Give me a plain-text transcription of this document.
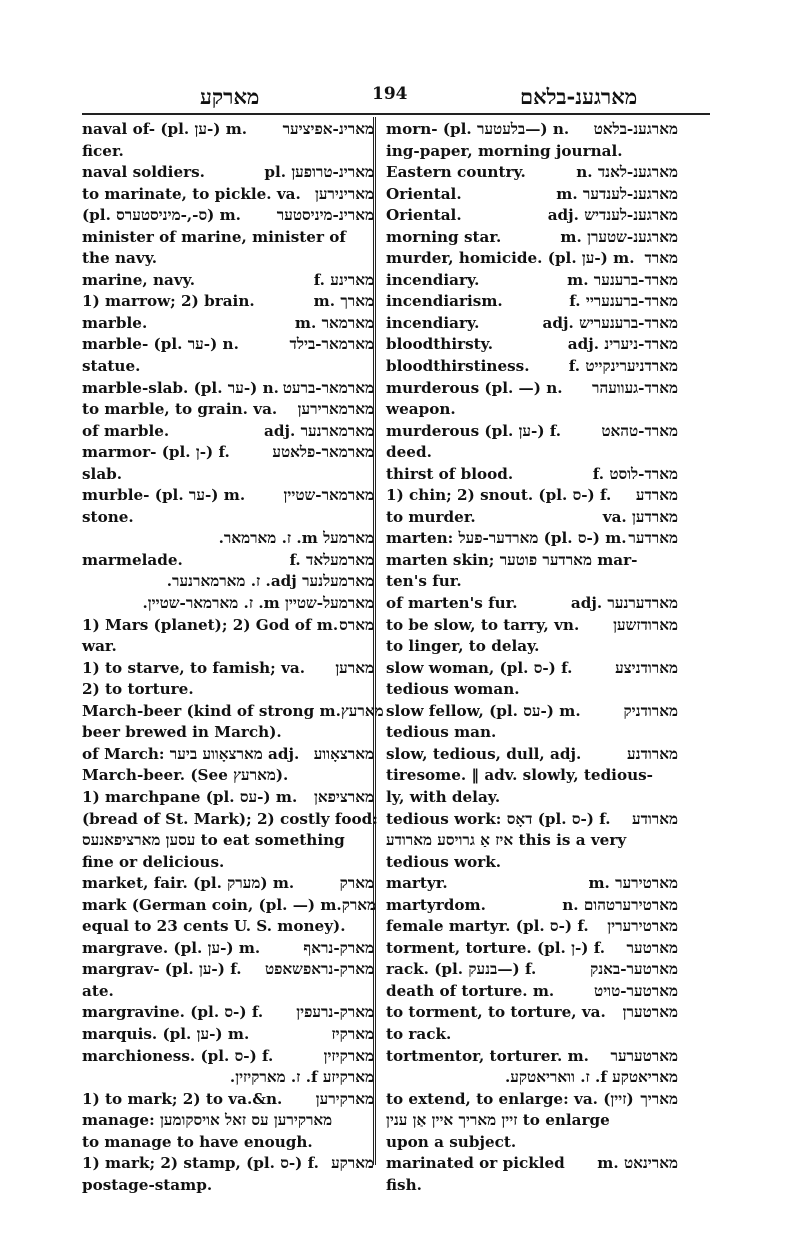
מארקע	194	מארגענ-בלאם
naval of- (pl. ען-) m. מארינ-אפיציער
ficer.
naval soldiers.	pl. מארינ-טרופען
to marinate, to pickle. va. מארינירען
(pl. ס-,-מיניסטערס) m. מארינ-מיניסטער
minister of marine, minister of
the navy.
marine, navy.	f. מארינע
1) marrow; 2) brain.	m. מארך
marble.	m. מארמאר
marble- (pl. ער-) n.	מארמאר-בילד
statue.
marble-slab. (pl. ער-) n. מארמאר-ברעט
to marble, to grain. va. מארמארירען
of marble.	adj. מארמארנער
marmor- (pl. ן-) f.	מארמאר-פלאטע
slab.
murble- (pl. ער-) m.	מארמאר-שטיין
stone.
מארמעל m. ז. מארמאר.
marmelade.	f. מארמעלאד
מארמעלנער adj. ז. מארמארנער.
מארמעל-שטיין m. ז. מארמאר-שטיין.
1) Mars (planet); 2) God of m. מארס
war.
1) to starve, to famish; va. מארען
2) to torture.
March-beer (kind of strong m. מארעץ
beer brewed in March).
of March: מארצאָווע ביער adj. מארצאָווע
March-beer. (See מארעץ).
1) marchpane (pl. עס-) m. מארציפאן
(bread of St. Mark); 2) costly food:
עסען מארציפאנעס to eat something
fine or delicious.
market, fair. (pl. מערק) m.	מארק
mark (German coin, (pl. —) m. מארק
equal to 23 cents U. S. money).
margrave. (pl. ען-) m.	מארק-נראף
margrav- (pl. ען-) f. מארק-נראפשאפט
ate.
margravine. (pl. ס-) f. מארק-נרעפין
marquis. (pl. ען-) m.	מארקיז
marchioness. (pl. ס-) f.	מארקיזין
מארקיזע f. ז. מארקיזין.
1) to mark; 2) to va.&n. מארקירען
manage: מארקירען עס זאל אויסקומען
to manage to have enough.
1) mark; 2) stamp, (pl. ס-) f. מארקע
postage-stamp.
morn- (pl. בלעטער—) n. מארגענ-בלאט
ing-paper, morning journal.
Eastern country.	n. מארגענ-לאנד
Oriental.	m. מארגענ-לענדער
Oriental.	adj. מארגענ-לענדיש
morning star.	m. מארגענ-שטערן
murder, homicide. (pl. ען-) m. מארד
incendiary.	m. מארד-ברענער
incendiarism.	f. מארד-ברענעריי
incendiary.	adj. מארד-ברענעריש
bloodthirsty.	adj. מארד-ניערינ
bloodthirstiness.	f. מארדניערינקייט
murderous (pl. —) n. מארד-געוועהר
weapon.
murderous (pl. ען-) f.	מארד-טהאט
deed.
thirst of blood.	f. מארד-לוסט
1) chin; 2) snout. (pl. ס-) f. מארדע
to murder.	va. מארדען
marten: מארדער-פעל (pl. ס-) m. מארדער
marten skin; מארדער פוטער mar-
ten's fur.
of marten's fur.	adj. מארדערנער
to be slow, to tarry, vn. מארודזשען
to linger, to delay.
slow woman, (pl. ס-) f.	מארודניצע
tedious woman.
slow fellow, (pl. עס-) m.	מארודניק
tedious man.
slow, tedious, dull, adj.	מארודנע
tiresome. ‖ adv. slowly, tedious-
ly, with delay.
tedious work: דאָס (pl. ס-) f. מארודע
איז אַ גרויסע מארודע this is a very
tedious work.
martyr.	m. מארטירער
martyrdom.	n. מארטירערטהום
female martyr. (pl. ס-) f. מארטירערין
torment, torture. (pl. ן-) f. מארטער
rack. (pl. בנעק—) f.	מארטער-באנק
death of torture. m.	מארטער-טויט
to torment, to torture, va. מארטערן
to rack.
tortmentor, torturer. m. מארטערער
מאריאטקע f. ז. וואריאטקע.
to extend, to enlarge: va. (זיין) מאריך
זיין מאריך איין אַן ענין to enlarge
upon a subject.
marinated or pickled m. מארינאט
fish.
